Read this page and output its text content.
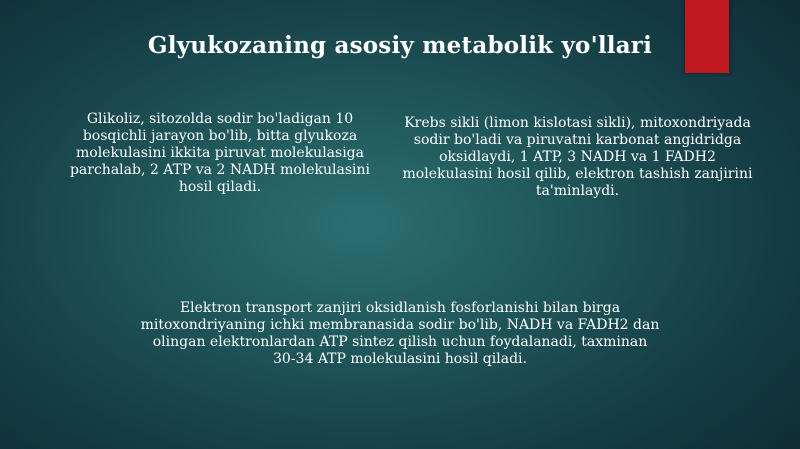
Glyukozaning asosiy metabolik yo'llari

Glikoliz, sitozolda sodir bo'ladigan 10 bosqichli jarayon bo'lib, bitta glyukoza molekulasini ikkita piruvat molekulasiga parchalab, 2 ATP va 2 NADH molekulasini hosil qiladi.

Krebs sikli (limon kislotasi sikli), mitoxondriyada sodir bo'ladi va piruvatni karbonat angidridga oksidlaydi, 1 ATP, 3 NADH va 1 FADH2 molekulasini hosil qilib, elektron tashish zanjirini ta'minlaydi.

Elektron transport zanjiri oksidlanish fosforlanishi bilan birga mitoxondriyaning ichki membranasida sodir bo'lib, NADH va FADH2 dan olingan elektronlardan ATP sintez qilish uchun foydalanadi, taxminan 30-34 ATP molekulasini hosil qiladi.
